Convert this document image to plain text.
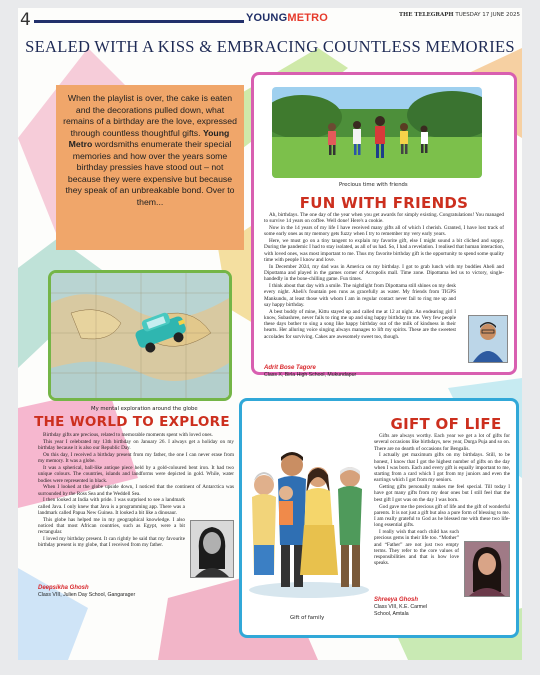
4	YOUNGMETRO	THE TELEGRAPH TUESDAY 17 JUNE 2025
SEALED WITH A KISS & EMBRACING COUNTLESS MEMORIES
When the playlist is over, the cake is eaten and the decorations pulled down, what remains of a birthday are the love, expressed through countless thoughtful gifts. Young Metro wordsmiths enumerate their special memories and how over the years some birthday pressies have stood out – not because they were expensive but because they speak of an unbreakable bond. Over to them...
Precious time with friends
FUN WITH FRIENDS

Ah, birthdays. The one day of the year when you get awards for simply existing. Congratulations! You managed to survive 14 years on coffee. Well done! Here's a cookie.

Now in the 14 years of my life I have received many gifts all of which I cherish. Granted, I have lost track of some early ones as my memory gets fuzzy when I try to remember my very early years.

Here, we must go on a tiny tangent to explain my favorite gift, else I might sound a bit cliched and soppy. During the pandemic I had to stay isolated, as all of us had. So, I had a revelation. I realised that human interaction, with loved ones, was most important to me. Thus my favorite birthday gift is the opportunity to spend some quality time with people I know and love.

In December 2024, my dad was in America on my birthday. I got to grab lunch with my buddies Aheli and Dipottama and played in the games corner of Acropolis mall. Time zone. Dipottama led us to victory, single-handedly in the bone-chilling game. Fun times.

I think about that day with a smile. The nightlight from Dipottama still shines on my desk every night. Aheli's fountain pen runs as gracefully as water. My friends from TIGPS Mankundu, at least those with whom I am in regular contact never fail to ring me up and say happy birthday.

A best buddy of mine, Kittu stayed up and called me at 12 at night. An endearing girl I know, Subashree, never fails to ring me up and sing happy birthday to me. Very few people these days bother to sing a song like happy birthday out of the milk of kindness in their hearts. Her alluring voice singing always manages to lift my spirits. These are the sweetest accolades for surviving. Cakes are awesomely sweet too, though.

Adrit Bose Tagore
Class X, Birla High School, Mukundapur
My mental exploration around the globe
THE WORLD TO EXPLORE

Birthday gifts are precious, related to memorable moments spent with loved ones.

This year I celebrated my 13th birthday on January 26. I always get a holiday on my birthday because it is also our Republic Day.

On this day, I received a birthday present from my father, the one I can never erase from my memory. It was a globe.

It was a spherical, ball-like antique piece held by a gold-coloured bent iron. It had two unique colours. The countries, islands and landforms were depicted in gold. While, water bodies were represented in black.

When I looked at the globe upside down, I noticed that the continent of Antarctica was surrounded by the Ross Sea and the Weddell Sea.

I then looked at India with pride. I was surprised to see a landmark called Java. I only knew that Java is a programming app. There was a landmark called Papua New Guinea. It looked a bit like a dinosaur.

This globe has helped me in my geographical knowledge. I also noticed that most African countries, such as Egypt, were a bit rectangular.

I loved my birthday present. It can rightly be said that my favourite birthday present is my globe, that I received from my father.

Deepsikha Ghosh
Class VIII, Julien Day School, Gangarager
Gift of family
GIFT OF LIFE

Gifts are always worthy. Each year we get a lot of gifts for several occasions like birthdays, new year, Durga Puja and so on. There are no dearth of occasions for Bengalis.

I actually get maximum gifts on my birthdays. Still, to be honest, I know that I got the highest number of gifts on the day when I was born. Each and every gift is equally important to me, starting from a card which I got from my juniors and even the earrings which I got from my seniors.

Getting gifts personally makes me feel special. Till today I have got many gifts from my dear ones but I still feel that the best gift I got was on the day I was born.

God gave me the precious gift of life and the gift of wonderful parents. It is not just a gift but also a pure form of blessing to me. I am really grateful to God as he blessed me with these two life-long essential gifts.

I really wish that each child has such precious gems in their life too. “Mother” and “Father” are not just two empty terms. They refer to the core values of responsibilities and that is how love speaks.

Shreeya Ghosh
Class VIII, K.E. Carmel
School, Amtala
